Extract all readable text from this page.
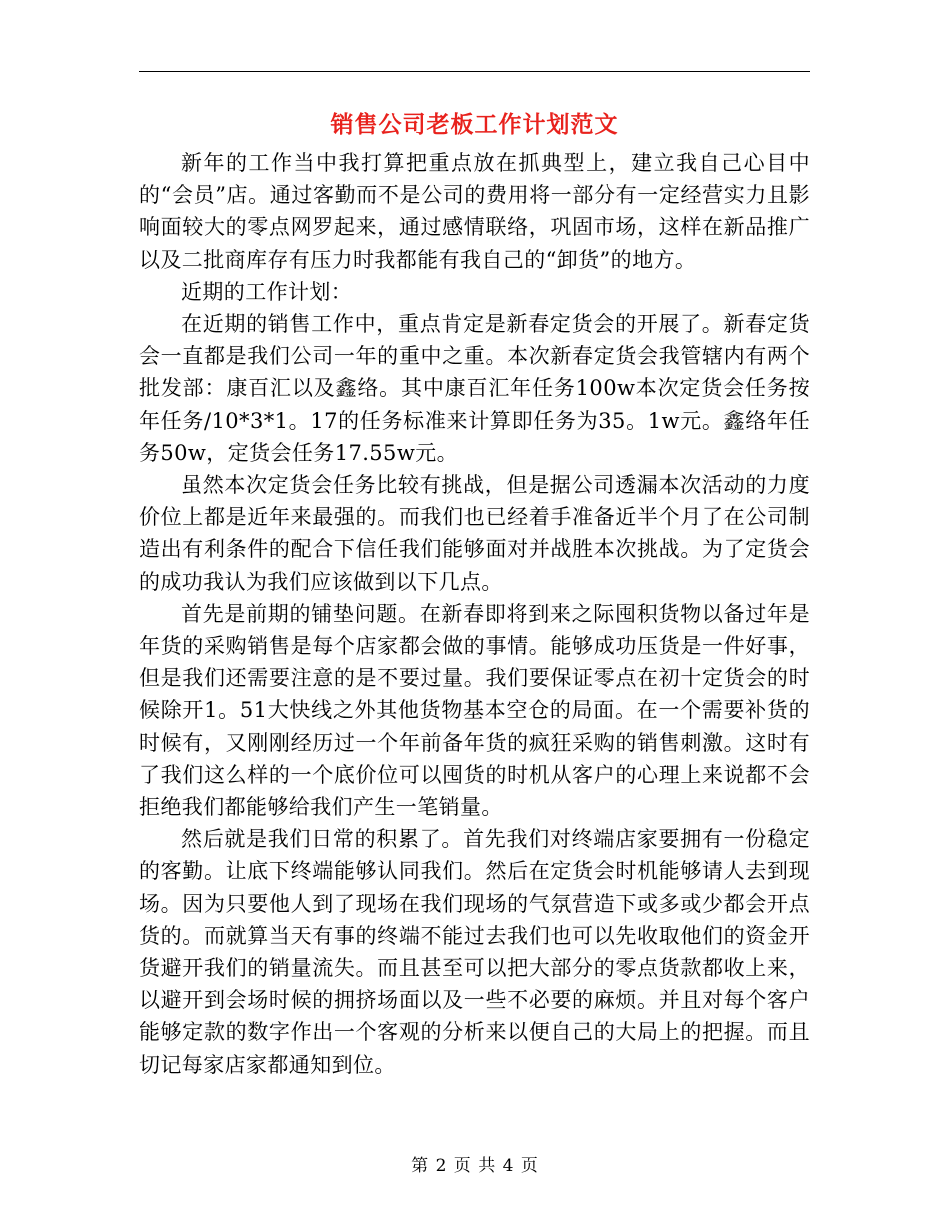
销售公司老板工作计划范文

新年的工作当中我打算把重点放在抓典型上，建立我自己心目中的“会员”店。通过客勤而不是公司的费用将一部分有一定经营实力且影响面较大的零点网罗起来，通过感情联络，巩固市场，这样在新品推广以及二批商库存有压力时我都能有我自己的“卸货”的地方。

近期的工作计划：

在近期的销售工作中，重点肯定是新春定货会的开展了。新春定货会一直都是我们公司一年的重中之重。本次新春定货会我管辖内有两个批发部：康百汇以及鑫络。其中康百汇年任务100w本次定货会任务按年任务/10*3*1。17的任务标准来计算即任务为35。1w元。鑫络年任务50w，定货会任务17.55w元。

虽然本次定货会任务比较有挑战，但是据公司透漏本次活动的力度价位上都是近年来最强的。而我们也已经着手准备近半个月了在公司制造出有利条件的配合下信任我们能够面对并战胜本次挑战。为了定货会的成功我认为我们应该做到以下几点。

首先是前期的铺垫问题。在新春即将到来之际囤积货物以备过年是年货的采购销售是每个店家都会做的事情。能够成功压货是一件好事，但是我们还需要注意的是不要过量。我们要保证零点在初十定货会的时候除开1。51大快线之外其他货物基本空仓的局面。在一个需要补货的时候有，又刚刚经历过一个年前备年货的疯狂采购的销售刺激。这时有了我们这么样的一个底价位可以囤货的时机从客户的心理上来说都不会拒绝我们都能够给我们产生一笔销量。

然后就是我们日常的积累了。首先我们对终端店家要拥有一份稳定的客勤。让底下终端能够认同我们。然后在定货会时机能够请人去到现场。因为只要他人到了现场在我们现场的气氛营造下或多或少都会开点货的。而就算当天有事的终端不能过去我们也可以先收取他们的资金开货避开我们的销量流失。而且甚至可以把大部分的零点货款都收上来，以避开到会场时候的拥挤场面以及一些不必要的麻烦。并且对每个客户能够定款的数字作出一个客观的分析来以便自己的大局上的把握。而且切记每家店家都通知到位。

第 2 页 共 4 页
